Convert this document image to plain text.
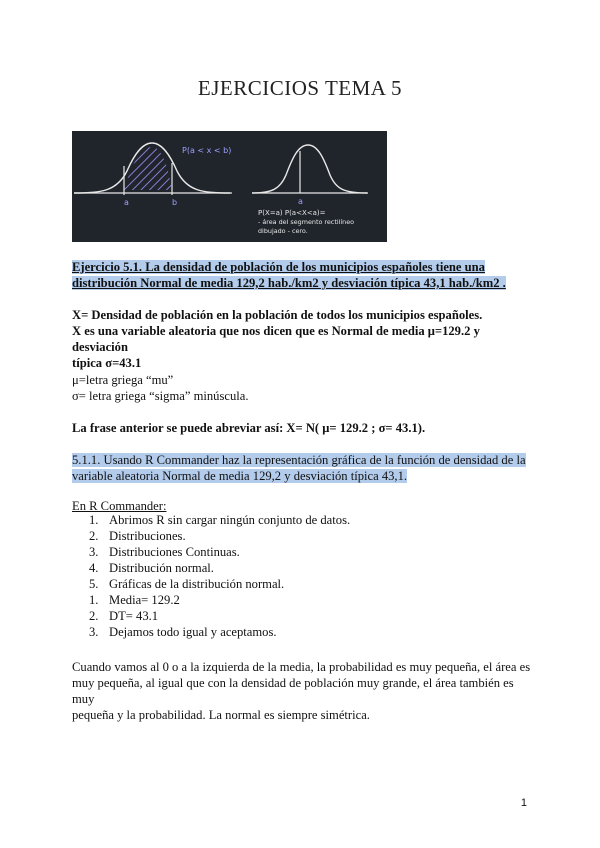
EJERCICIOS TEMA 5
P(a < x < b)
a	b	a
P(X=a) P(a<X<a)=
- área del segmento rectilíneo
dibujado - cero.

Ejercicio 5.1. La densidad de población de los municipios españoles tiene una
distribución Normal de media 129,2 hab./km2 y desviación típica 43,1 hab./km2 .

X= Densidad de población en la población de todos los municipios españoles.
X es una variable aleatoria que nos dicen que es Normal de media μ=129.2 y desviación
típica σ=43.1

μ=letra griega “mu”
σ= letra griega “sigma” minúscula.

La frase anterior se puede abreviar así: X= N( μ= 129.2 ; σ= 43.1).

5.1.1. Usando R Commander haz la representación gráfica de la función de densidad de la
variable aleatoria Normal de media 129,2 y desviación típica 43,1.

En R Commander:

1. Abrimos R sin cargar ningún conjunto de datos.
2. Distribuciones.
3. Distribuciones Continuas.
4. Distribución normal.
5. Gráficas de la distribución normal.
1. Media= 129.2
2. DT= 43.1
3. Dejamos todo igual y aceptamos.

Cuando vamos al 0 o a la izquierda de la media, la probabilidad es muy pequeña, el área es
muy pequeña, al igual que con la densidad de población muy grande, el área también es muy
pequeña y la probabilidad. La normal es siempre simétrica.

1
